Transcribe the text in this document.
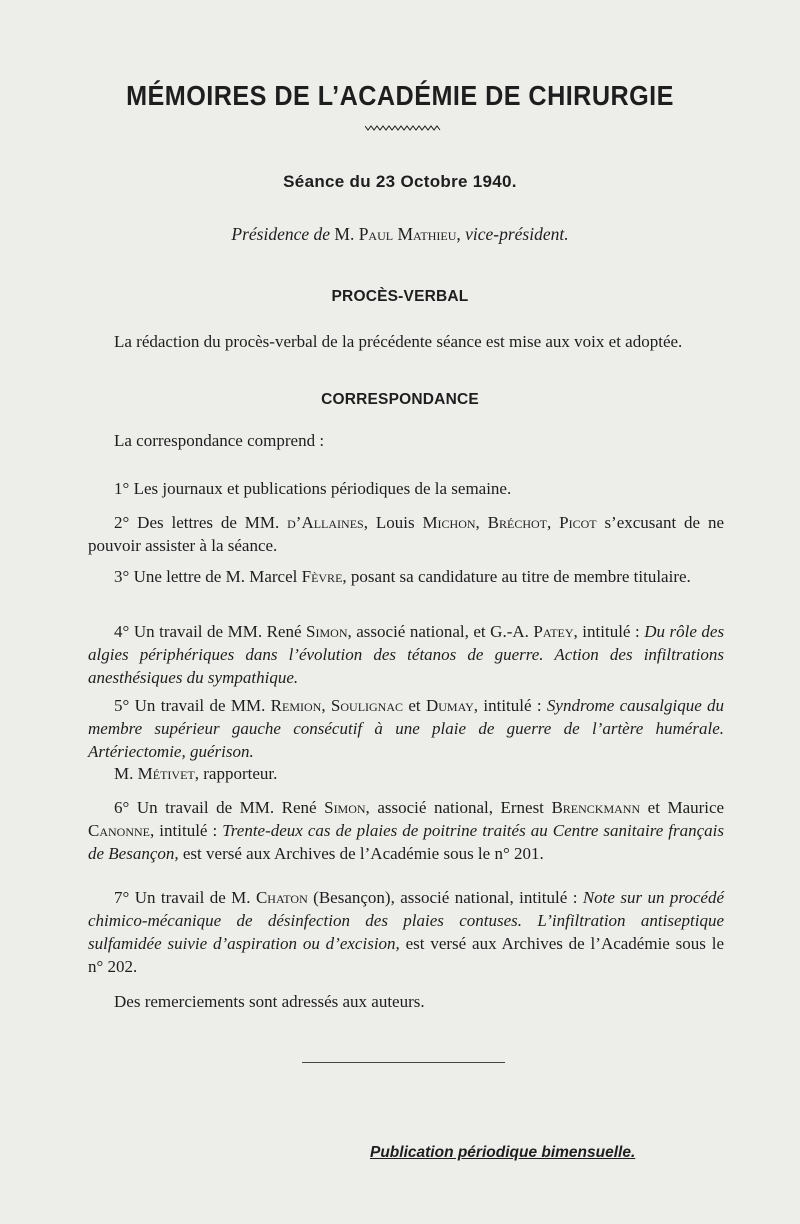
MÉMOIRES DE L’ACADÉMIE DE CHIRURGIE
Séance du 23 Octobre 1940.
Présidence de M. Paul Mathieu, vice-président.
PROCÈS-VERBAL

La rédaction du procès-verbal de la précédente séance est mise aux voix et adoptée.

CORRESPONDANCE

La correspondance comprend :

1° Les journaux et publications périodiques de la semaine.

2° Des lettres de MM. d’Allaines, Louis Michon, Bréchot, Picot s’excusant de ne pouvoir assister à la séance.

3° Une lettre de M. Marcel Fèvre, posant sa candidature au titre de membre titulaire.

4° Un travail de MM. René Simon, associé national, et G.-A. Patey, intitulé : Du rôle des algies périphériques dans l’évolution des tétanos de guerre. Action des infiltrations anesthésiques du sympathique.

5° Un travail de MM. Remion, Soulignac et Dumay, intitulé : Syndrome causalgique du membre supérieur gauche consécutif à une plaie de guerre de l’artère humérale. Artériectomie, guérison.

M. Métivet, rapporteur.

6° Un travail de MM. René Simon, associé national, Ernest Brenckmann et Maurice Canonne, intitulé : Trente-deux cas de plaies de poitrine traités au Centre sanitaire français de Besançon, est versé aux Archives de l’Académie sous le n° 201.

7° Un travail de M. Chaton (Besançon), associé national, intitulé : Note sur un procédé chimico-mécanique de désinfection des plaies contuses. L’infiltration antiseptique sulfamidée suivie d’aspiration ou d’excision, est versé aux Archives de l’Académie sous le n° 202.

Des remerciements sont adressés aux auteurs.

Publication périodique bimensuelle.
